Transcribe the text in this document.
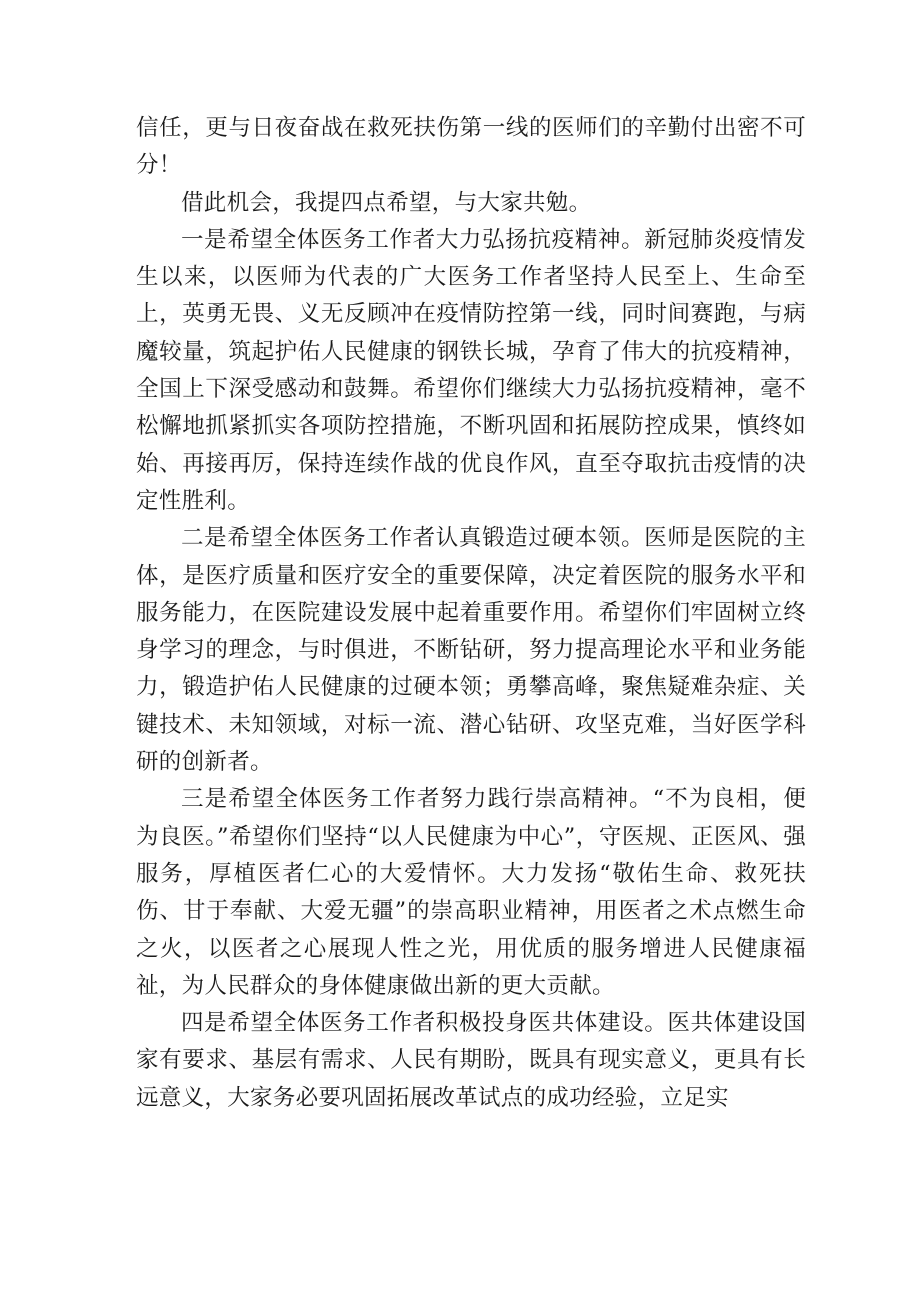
信任，更与日夜奋战在救死扶伤第一线的医师们的辛勤付出密不可分！

借此机会，我提四点希望，与大家共勉。

一是希望全体医务工作者大力弘扬抗疫精神。新冠肺炎疫情发生以来，以医师为代表的广大医务工作者坚持人民至上、生命至上，英勇无畏、义无反顾冲在疫情防控第一线，同时间赛跑，与病魔较量，筑起护佑人民健康的钢铁长城，孕育了伟大的抗疫精神，全国上下深受感动和鼓舞。希望你们继续大力弘扬抗疫精神，毫不松懈地抓紧抓实各项防控措施，不断巩固和拓展防控成果，慎终如始、再接再厉，保持连续作战的优良作风，直至夺取抗击疫情的决定性胜利。

二是希望全体医务工作者认真锻造过硬本领。医师是医院的主体，是医疗质量和医疗安全的重要保障，决定着医院的服务水平和服务能力，在医院建设发展中起着重要作用。希望你们牢固树立终身学习的理念，与时俱进，不断钻研，努力提高理论水平和业务能力，锻造护佑人民健康的过硬本领；勇攀高峰，聚焦疑难杂症、关键技术、未知领域，对标一流、潜心钻研、攻坚克难，当好医学科研的创新者。

三是希望全体医务工作者努力践行崇高精神。“不为良相，便为良医。”希望你们坚持“以人民健康为中心”，守医规、正医风、强服务，厚植医者仁心的大爱情怀。大力发扬“敬佑生命、救死扶伤、甘于奉献、大爱无疆”的崇高职业精神，用医者之术点燃生命之火，以医者之心展现人性之光，用优质的服务增进人民健康福祉，为人民群众的身体健康做出新的更大贡献。

四是希望全体医务工作者积极投身医共体建设。医共体建设国家有要求、基层有需求、人民有期盼，既具有现实意义，更具有长远意义，大家务必要巩固拓展改革试点的成功经验，立足实
